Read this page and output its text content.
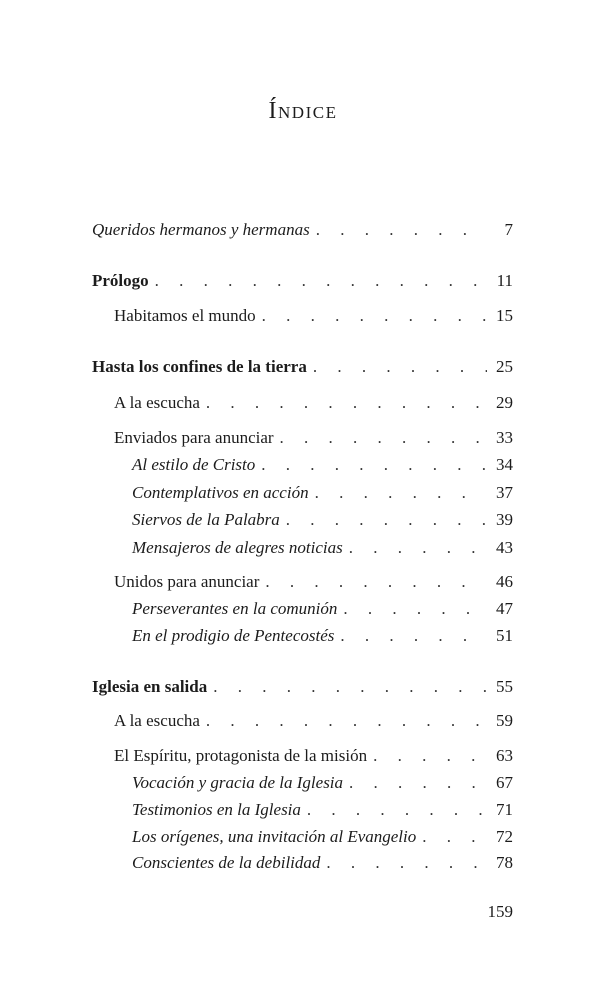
Índice
Queridos hermanos y hermanas . . .	7
Prólogo . . .	11
Habitamos el mundo . . .	15
Hasta los confines de la tierra . . .	25
A la escucha . . .	29
Enviados para anunciar . . .	33
Al estilo de Cristo . . .	34
Contemplativos en acción . . .	37
Siervos de la Palabra . . .	39
Mensajeros de alegres noticias . . .	43
Unidos para anunciar . . .	46
Perseverantes en la comunión . . .	47
En el prodigio de Pentecostés . . .	51
Iglesia en salida . . .	55
A la escucha . . .	59
El Espíritu, protagonista de la misión . . .	63
Vocación y gracia de la Iglesia . . .	67
Testimonios en la Iglesia . . .	71
Los orígenes, una invitación al Evangelio . . .	72
Conscientes de la debilidad . . .	78
159
